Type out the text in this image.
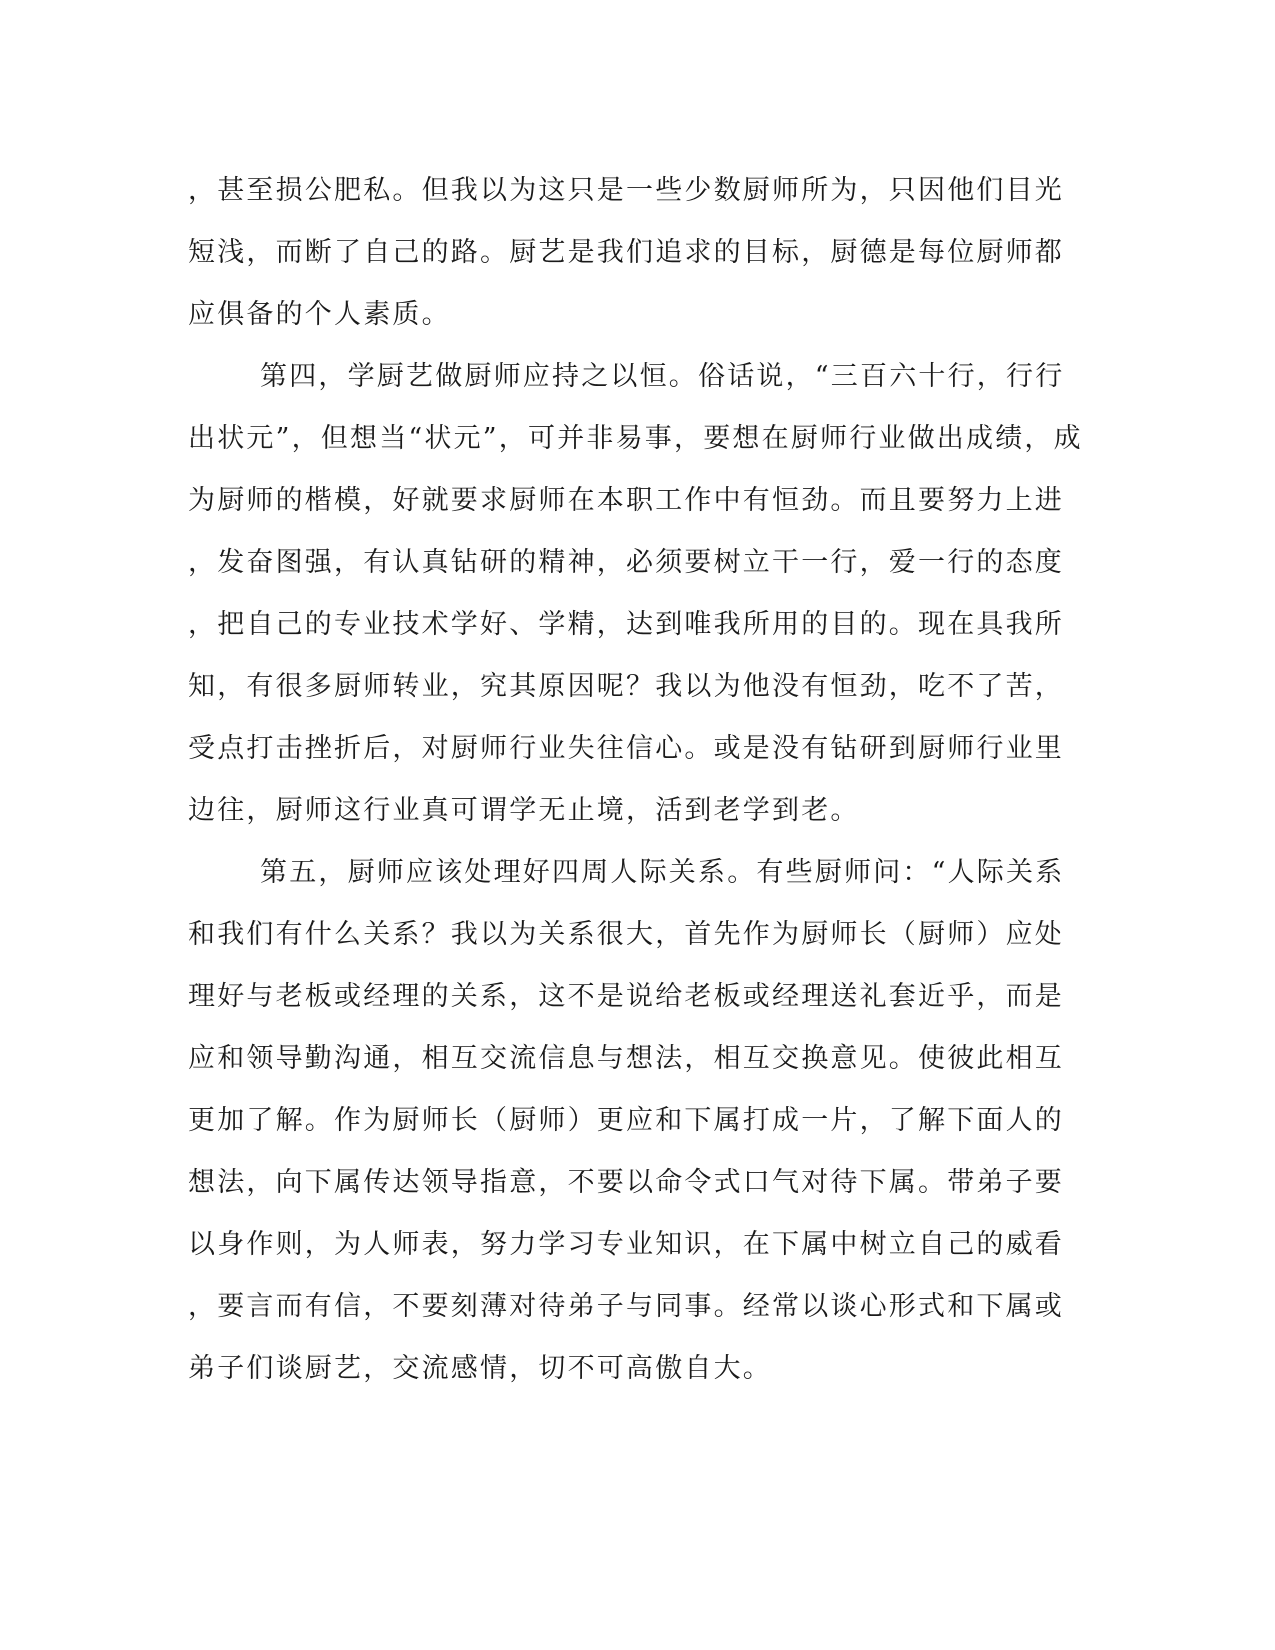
，甚至损公肥私。但我以为这只是一些少数厨师所为，只因他们目光
短浅，而断了自己的路。厨艺是我们追求的目标，厨德是每位厨师都
应俱备的个人素质。
第四，学厨艺做厨师应持之以恒。俗话说，“三百六十行，行行
出状元”，但想当“状元”，可并非易事，要想在厨师行业做出成绩，成
为厨师的楷模，好就要求厨师在本职工作中有恒劲。而且要努力上进
，发奋图强，有认真钻研的精神，必须要树立干一行，爱一行的态度
，把自己的专业技术学好、学精，达到唯我所用的目的。现在具我所
知，有很多厨师转业，究其原因呢？我以为他没有恒劲，吃不了苦，
受点打击挫折后，对厨师行业失往信心。或是没有钻研到厨师行业里
边往，厨师这行业真可谓学无止境，活到老学到老。
第五，厨师应该处理好四周人际关系。有些厨师问：“人际关系
和我们有什么关系？我以为关系很大，首先作为厨师长（厨师）应处
理好与老板或经理的关系，这不是说给老板或经理送礼套近乎，而是
应和领导勤沟通，相互交流信息与想法，相互交换意见。使彼此相互
更加了解。作为厨师长（厨师）更应和下属打成一片，了解下面人的
想法，向下属传达领导指意，不要以命令式口气对待下属。带弟子要
以身作则，为人师表，努力学习专业知识，在下属中树立自己的威看
，要言而有信，不要刻薄对待弟子与同事。经常以谈心形式和下属或
弟子们谈厨艺，交流感情，切不可高傲自大。
